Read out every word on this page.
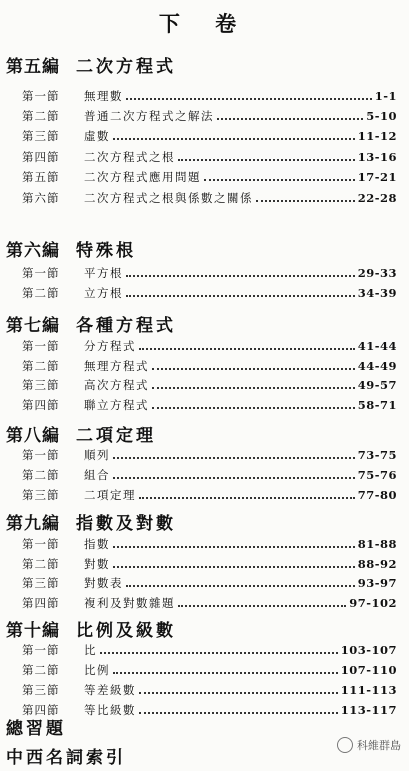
下 卷
第五編 二次方程式
第一節	無理數	1-1
第二節	普通二次方程式之解法	5-10
第三節	虛數	11-12
第四節	二次方程式之根	13-16
第五節	二次方程式應用問題	17-21
第六節	二次方程式之根與係數之關係	22-28
第六編 特殊根
第一節	平方根	29-33
第二節	立方根	34-39
第七編 各種方程式
第一節	分方程式	41-44
第二節	無理方程式	44-49
第三節	高次方程式	49-57
第四節	聯立方程式	58-71
第八編 二項定理
第一節	順列	73-75
第二節	組合	75-76
第三節	二項定理	77-80
第九編 指數及對數
第一節	指數	81-88
第二節	對數	88-92
第三節	對數表	93-97
第四節	複利及對數雜題	97-102
第十編 比例及級數
第一節	比	103-107
第二節	比例	107-110
第三節	等差級數	111-113
第四節	等比級數	113-117
總習題
中西名詞索引
科維群島
